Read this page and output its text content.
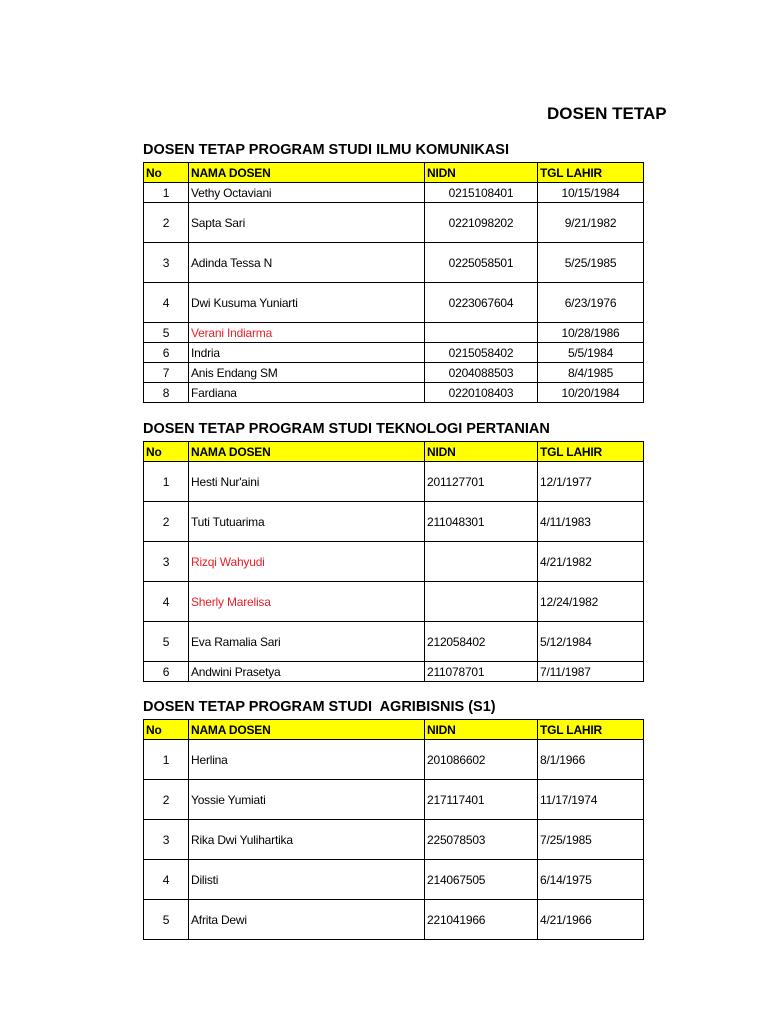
DOSEN TETAP
DOSEN TETAP PROGRAM STUDI ILMU KOMUNIKASI
No	NAMA DOSEN	NIDN	TGL LAHIR
1	Vethy Octaviani	0215108401	10/15/1984
2	Sapta Sari	0221098202	9/21/1982
3	Adinda Tessa N	0225058501	5/25/1985
4	Dwi Kusuma Yuniarti	0223067604	6/23/1976
5	Verani Indiarma		10/28/1986
6	Indria	0215058402	5/5/1984
7	Anis Endang SM	0204088503	8/4/1985
8	Fardiana	0220108403	10/20/1984
DOSEN TETAP PROGRAM STUDI TEKNOLOGI PERTANIAN
No	NAMA DOSEN	NIDN	TGL LAHIR
1	Hesti Nur'aini	201127701	12/1/1977
2	Tuti Tutuarima	211048301	4/11/1983
3	Rizqi Wahyudi		4/21/1982
4	Sherly Marelisa		12/24/1982
5	Eva Ramalia Sari	212058402	5/12/1984
6	Andwini Prasetya	211078701	7/11/1987
DOSEN TETAP PROGRAM STUDI  AGRIBISNIS (S1)
No	NAMA DOSEN	NIDN	TGL LAHIR
1	Herlina	201086602	8/1/1966
2	Yossie Yumiati	217117401	11/17/1974
3	Rika Dwi Yulihartika	225078503	7/25/1985
4	Dilisti	214067505	6/14/1975
5	Afrita Dewi	221041966	4/21/1966
